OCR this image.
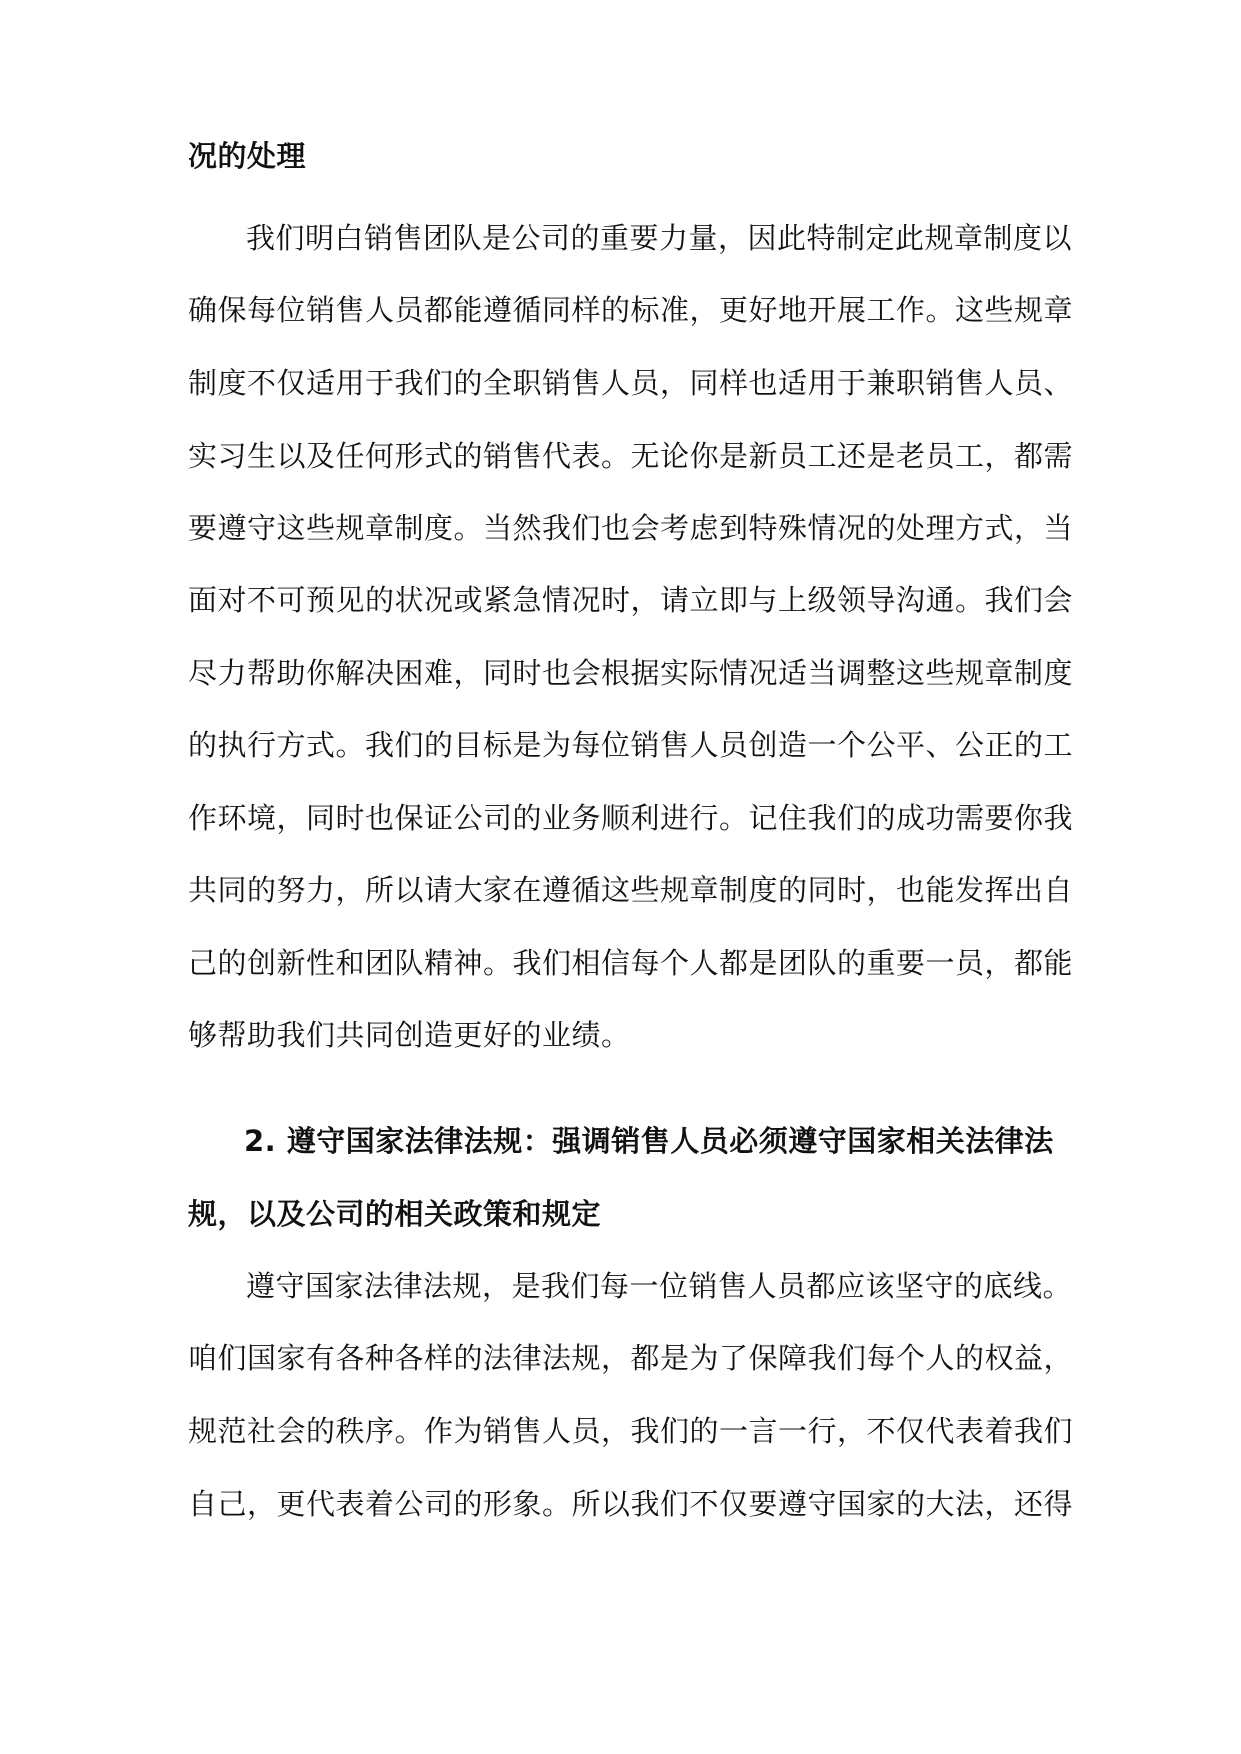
况的处理

我们明白销售团队是公司的重要力量，因此特制定此规章制度以

确保每位销售人员都能遵循同样的标准，更好地开展工作。这些规章

制度不仅适用于我们的全职销售人员，同样也适用于兼职销售人员、

实习生以及任何形式的销售代表。无论你是新员工还是老员工，都需

要遵守这些规章制度。当然我们也会考虑到特殊情况的处理方式，当

面对不可预见的状况或紧急情况时，请立即与上级领导沟通。我们会

尽力帮助你解决困难，同时也会根据实际情况适当调整这些规章制度

的执行方式。我们的目标是为每位销售人员创造一个公平、公正的工

作环境，同时也保证公司的业务顺利进行。记住我们的成功需要你我

共同的努力，所以请大家在遵循这些规章制度的同时，也能发挥出自

己的创新性和团队精神。我们相信每个人都是团队的重要一员，都能

够帮助我们共同创造更好的业绩。

2. 遵守国家法律法规：强调销售人员必须遵守国家相关法律法

规，以及公司的相关政策和规定

遵守国家法律法规，是我们每一位销售人员都应该坚守的底线。

咱们国家有各种各样的法律法规，都是为了保障我们每个人的权益，

规范社会的秩序。作为销售人员，我们的一言一行，不仅代表着我们

自己，更代表着公司的形象。所以我们不仅要遵守国家的大法，还得
